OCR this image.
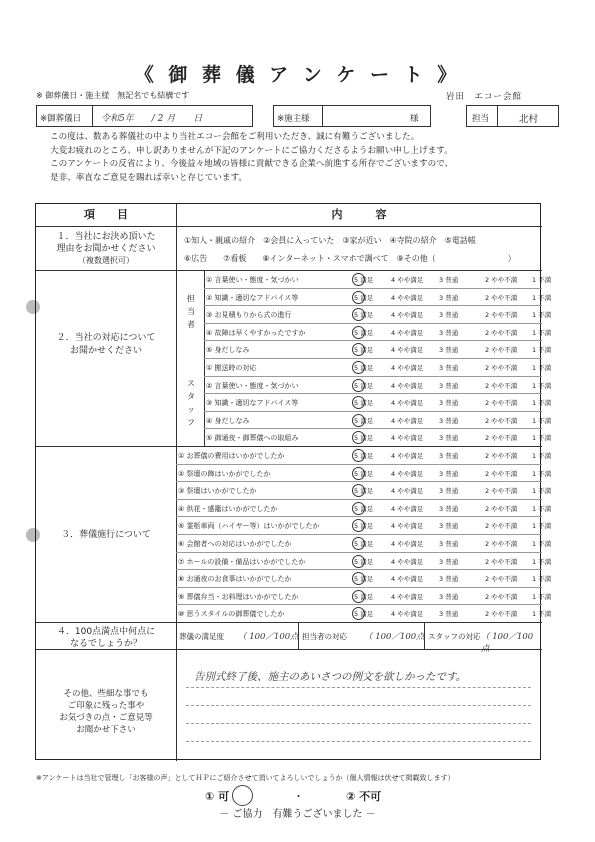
《 御 葬 儀 ア ン ケ ー ト 》
※ 御葬儀日・施主様　無記名でも結構です	岩田　エコー会館
※御葬儀日 令和5年　　/ 2 月　　日	※施主様	様	担当	北村
この度は、数ある葬儀社の中より当社エコー会館をご利用いただき、誠に有難うございました。
大変お疲れのところ、申し訳ありませんが下記のアンケートにご協力くださるようお願い申し上げます。
このアンケートの反省により、今後益々地域の皆様に貢献できる企業へ前進する所存でございますので、
是非、率直なご意見を賜れば幸いと存じています。
項　　目	内　　　容
１．当社にお決め頂いた
理由をお聞かせください
（複数選択可）
①知人・親戚の紹介　②会員に入っていた　③家が近い　④寺院の紹介　⑤電話帳
⑥広告　　⑦看板　　⑧インターネット・スマホで調べて　⑨その他（　　　　　　　　　）
２．当社の対応について
お聞かせください
担当者
スタッフ
① 言葉使い・態度・気づかい	5 満足	4 やや満足 3 普通	2 やや不満 1 不満
② 知識・適切なアドバイス等	5 満足	4 やや満足 3 普通	2 やや不満 1 不満
③ お見積もりから式の進行	5 満足	4 やや満足 3 普通	2 やや不満 1 不満
④ 故障は早くやすかったですか	5 満足	4 やや満足 3 普通	2 やや不満 1 不満
⑤ 身だしなみ	5 満足	4 やや満足 3 普通	2 やや不満 1 不満
① 搬送時の対応	5 満足	4 やや満足 3 普通	2 やや不満 1 不満
② 言葉使い・態度・気づかい	5 満足	4 やや満足 3 普通	2 やや不満 1 不満
③ 知識・適切なアドバイス等	5 満足	4 やや満足 3 普通	2 やや不満 1 不満
④ 身だしなみ	5 満足	4 やや満足 3 普通	2 やや不満 1 不満
⑤ 御通夜・御葬儀への取組み	5 満足	4 やや満足 3 普通	2 やや不満 1 不満
３．葬儀施行について
① お葬儀の費用はいかがでしたか	5 満足	4 やや満足 3 普通	2 やや不満 1 不満
② 祭壇の飾はいかがでしたか	5 満足	4 やや満足 3 普通	2 やや不満 1 不満
③ 祭壇はいかがでしたか	5 満足	4 やや満足 3 普通	2 やや不満 1 不満
④ 供花・盛籠はいかがでしたか	5 満足	4 やや満足 3 普通	2 やや不満 1 不満
⑤ 霊柩車両（ハイヤー等）はいかがでしたか	5 満足	4 やや満足 3 普通	2 やや不満 1 不満
⑥ 会館者への対応はいかがでしたか	5 満足	4 やや満足 3 普通	2 やや不満 1 不満
⑦ ホールの設備・備品はいかがでしたか	5 満足	4 やや満足 3 普通	2 やや不満 1 不満
⑧ お通夜のお食事はいかがでしたか	5 満足	4 やや満足 3 普通	2 やや不満 1 不満
⑨ 葬儀弁当・お料理はいかがでしたか	5 満足	4 やや満足 3 普通	2 やや不満 1 不満
⑩ 思うスタイルの御葬儀でしたか	5 満足	4 やや満足 3 普通	2 やや不満 1 不満
４．100点満点中何点に
なるでしょうか？
葬儀の満足度 （ 100／100点 担当者の対応 （ 100／100点 スタッフの対応 （ 100／100点
その他、些細な事でも
ご印象に残った事や
お気づきの点・ご意見等
お聞かせ下さい
告別式終了後、施主のあいさつの例文を欲しかったです。
※アンケートは当社で管理し「お客様の声」としてＨＰにご紹介させて頂いてよろしいでしょうか（個人情報は伏せて掲載致します）
① 可	・	② 不可
－ ご協力　有難うございました －
